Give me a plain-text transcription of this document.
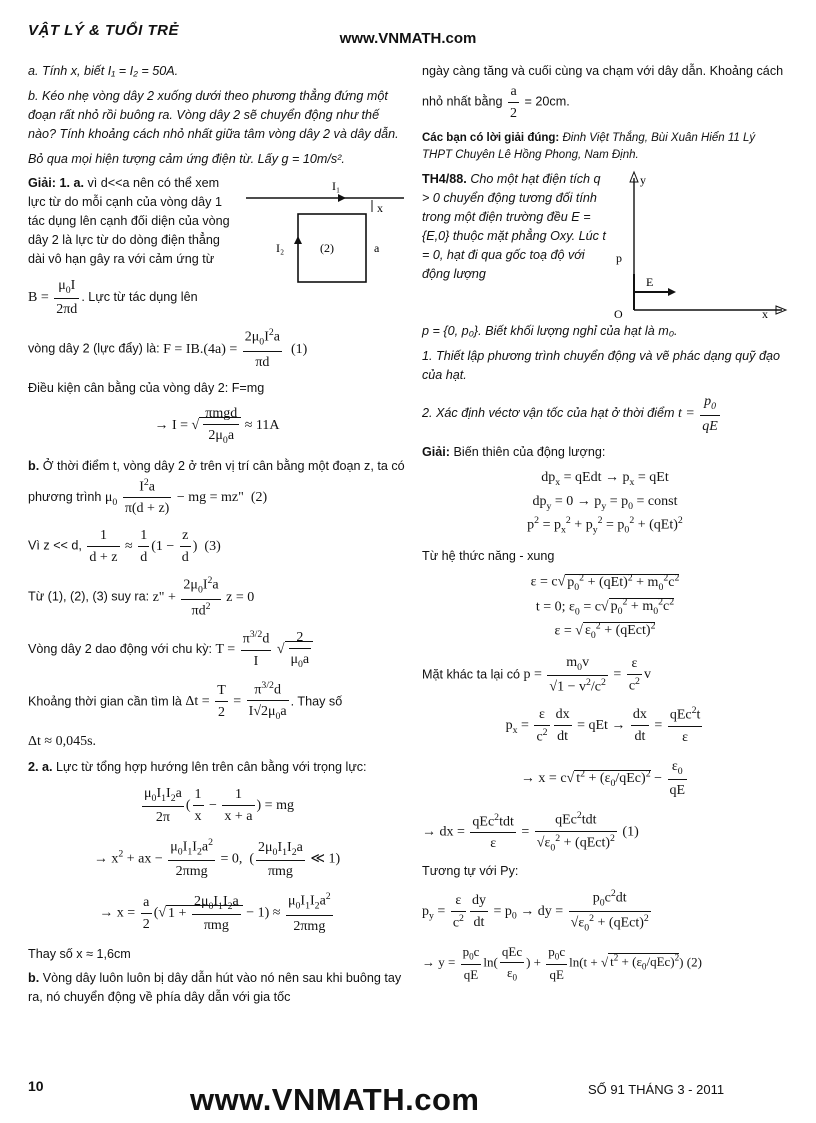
VẬT LÝ & TUỔI TRẺ	www.VNMATH.com

a. Tính x, biết I₁ = I₂ = 50A.

b. Kéo nhẹ vòng dây 2 xuống dưới theo phương thẳng đứng một đoạn rất nhỏ rồi buông ra. Vòng dây 2 sẽ chuyển động như thế nào? Tính khoảng cách nhỏ nhất giữa tâm vòng dây 2 và dây dẫn.

Bỏ qua mọi hiện tượng cảm ứng điện từ. Lấy g = 10m/s².

I₁
x
I₂	(2)	a

Giải: 1. a. vì d<<a nên có thể xem lực từ do mỗi cạnh của vòng dây 1 tác dụng lên cạnh đối diện của vòng dây 2 là lực từ do dòng điện thẳng dài vô hạn gây ra với cảm ứng từ

$B = \frac{\mu_0I}{2\pi d}$ . Lực từ tác dụng lên

vòng dây 2 (lực đẩy) là: $F = IB.(4a) = \frac{2\mu_0I^2a}{\pi d} (1)$

Điều kiện cân bằng của vòng dây 2: F=mg

→ I = √ $\frac{\text{πmgd}}{2\mu_0a} \approx 11A$

b. Ở thời điểm t, vòng dây 2 ở trên vị trí cân bằng một đoạn z, ta có phương trình $\mu_0 \frac{I^2a}{\pi(d + z)}$ − mg = mz"  (2)

Vì z << d, $\frac{1}{d + z} \approx \frac{1}{d} (1 - \frac{z}{d}$ )  (3)

Từ (1), (2), (3) suy ra: z" + $\frac{2\mu_0I^2a}{\pi d^2}$ z = 0

Vòng dây 2 dao động với chu kỳ: $T = \frac{\pi^{3/2}d}{I}$ √ $\frac{2}{\mu_0a}$

Khoảng thời gian cần tìm là $\Delta t = \frac{T}{2} = \frac{\pi^{3/2}d}{I√2\mu_0a}$ . Thay số

Δt ≈ 0,045s.

2. a. Lực từ tổng hợp hướng lên trên cân bằng với trọng lực:

$\frac{\mu_0I_1I_2a}{2\pi}$ ( $\frac{1}{x} - \frac{1}{x + a}$ ) = mg
→ $x^2$ + ax − $\frac{\mu_0I_1I_2a^2}{\text{2πmg}} = 0$,  ( $\frac{2\mu_0I_1I_2a}{\text{πmg}}$ ≪ 1)
→ $x = \frac{a}{2}$ (√ $1 + \frac{2\mu_0I_1I_2a}{\text{πmg}} - 1) \approx \frac{\mu_0I_1I_2a^2}{\text{2πmg}}$

Thay số x ≈ 1,6cm

b. Vòng dây luôn luôn bị dây dẫn hút vào nó nên sau khi buông tay ra, nó chuyển động về phía dây dẫn với gia tốc

ngày càng tăng và cuối cùng va chạm với dây dẫn. Khoảng cách nhỏ nhất bằng $\frac{a}{2} = 20cm$.

Các bạn có lời giải đúng: Đinh Việt Thắng, Bùi Xuân Hiển 11 Lý THPT Chuyên Lê Hồng Phong, Nam Định.

y
x
O
p
E

TH4/88. Cho một hạt điện tích q > 0 chuyển động tương đối tính trong một điện trường đều E = {E,0} thuộc mặt phẳng Oxy. Lúc t = 0, hạt đi qua gốc toạ độ với động lượng

p = {0, p₀}. Biết khối lượng nghỉ của hạt là m₀.

1. Thiết lập phương trình chuyển động và vẽ phác dạng quỹ đạo của hạt.

2. Xác định véctơ vận tốc của hạt ở thời điểm $t = \frac{p_0}{qE}$

Giải: Biến thiên của động lượng:

$dp_x$ = qEdt → $p_x$ = qEt
$dp_y = 0 \to p_y = p_0$ = const
$p^2 = p_x^2 + p_y^2 = p_0^2 + (qEt)^2$

Từ hệ thức năng - xung

ε = c√ $p_0^2 + (qEt)^2 + m_0^2c^2$
t = 0; $\varepsilon_0 = c√$ $p_0^2 + m_0^2c^2$
ε = √ $\varepsilon_0^2$ + (qEct)$^2$

Mặt khác ta lại có $p = \frac{m_0v}{√1 - v^2/c^2} = \frac{\varepsilon}{c^2}$ v

$p_x = \frac{\varepsilon}{c^2} \frac{dx}{dt}$ = qEt → $\frac{dx}{dt} = \frac{qEc^2t}{\varepsilon}$
→ x = c√ $t^2 + (\varepsilon_0/qEc)^2 - \frac{\varepsilon_0}{qE}$
→ dx = $\frac{qEc^2tdt}{\varepsilon} = \frac{qEc^2tdt}{√\varepsilon_0^2 + (qEct)^2} (1)$

Tương tự với Py:

$p_y = \frac{\varepsilon}{c^2} \frac{dy}{dt} = p_0$ → dy = $\frac{p_0c^2dt}{√\varepsilon_0^2 + (qEct)^2}$
→ $y = \frac{p_0c}{qE} \ln( \frac{\text{qEc}}{\varepsilon_0}$ ) + $\frac{p_0c}{qE} \ln(t$ + √ $t^2 + (\varepsilon_0/qEc)^2$) (2)
10	www.VNMATH.com	SỐ 91 THÁNG 3 - 2011
